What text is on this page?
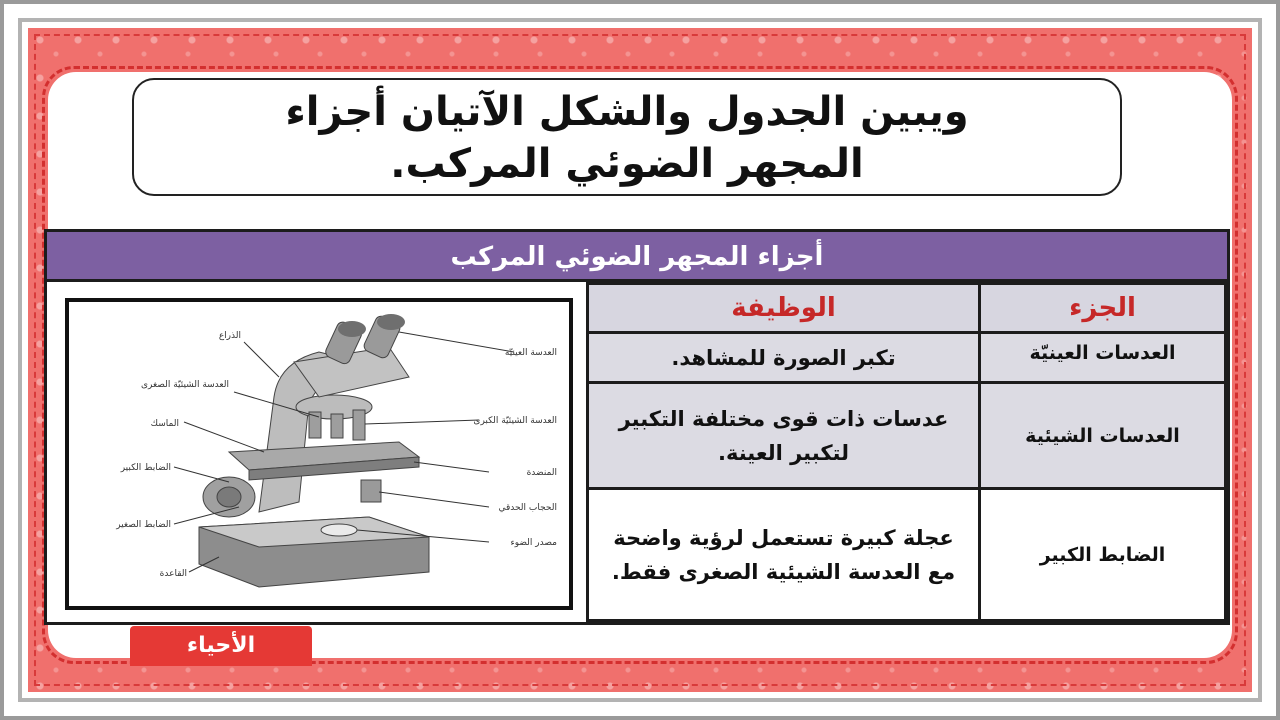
ويبين الجدول والشكل الآتيان أجزاء
المجهر الضوئي المركب.
أجزاء المجهر الضوئي المركب
العدسة العينيّة
الذراع
العدسة الشيئيّة الصغرى
العدسة الشيئيّة الكبرى
الماسك
الضابط الكبير	المنضدة
الحجاب الحدقي
الضابط الصغير
مصدر الضوء
القاعدة
الجزء
الوظيفة
العدسات العينيّة
تكبر الصورة للمشاهد.
العدسات الشيئية
عدسات ذات قوى مختلفة التكبير لتكبير العينة.
الضابط الكبير
عجلة كبيرة تستعمل لرؤية واضحة مع العدسة الشيئية الصغرى فقط.
الأحياء
